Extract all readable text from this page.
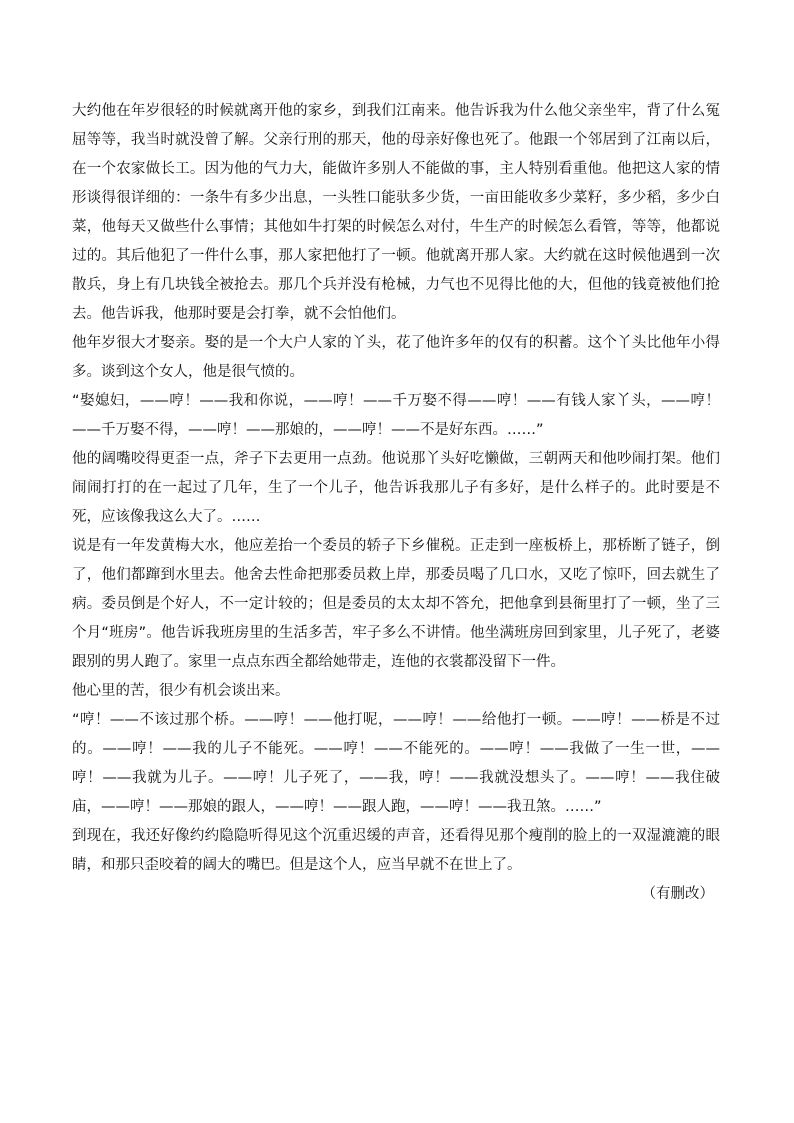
大约他在年岁很轻的时候就离开他的家乡，到我们江南来。他告诉我为什么他父亲坐牢，背了什么冤屈等等，我当时就没曾了解。父亲行刑的那天，他的母亲好像也死了。他跟一个邻居到了江南以后，在一个农家做长工。因为他的气力大，能做许多别人不能做的事，主人特别看重他。他把这人家的情形谈得很详细的：一条牛有多少出息，一头牲口能驮多少货，一亩田能收多少菜籽，多少稻，多少白菜，他每天又做些什么事情；其他如牛打架的时候怎么对付，牛生产的时候怎么看管，等等，他都说过的。其后他犯了一件什么事，那人家把他打了一顿。他就离开那人家。大约就在这时候他遇到一次散兵，身上有几块钱全被抢去。那几个兵并没有枪械，力气也不见得比他的大，但他的钱竟被他们抢去。他告诉我，他那时要是会打拳，就不会怕他们。

他年岁很大才娶亲。娶的是一个大户人家的丫头，花了他许多年的仅有的积蓄。这个丫头比他年小得多。谈到这个女人，他是很气愤的。

“娶媳妇，——哼！——我和你说，——哼！——千万娶不得——哼！——有钱人家丫头，——哼！——千万娶不得，——哼！——那娘的，——哼！——不是好东西。……”

他的阔嘴咬得更歪一点，斧子下去更用一点劲。他说那丫头好吃懒做，三朝两天和他吵闹打架。他们闹闹打打的在一起过了几年，生了一个儿子，他告诉我那儿子有多好，是什么样子的。此时要是不死，应该像我这么大了。……

说是有一年发黄梅大水，他应差抬一个委员的轿子下乡催税。正走到一座板桥上，那桥断了链子，倒了，他们都蹿到水里去。他舍去性命把那委员救上岸，那委员喝了几口水，又吃了惊吓，回去就生了病。委员倒是个好人，不一定计较的；但是委员的太太却不答允，把他拿到县衙里打了一顿，坐了三个月“班房”。他告诉我班房里的生活多苦，牢子多么不讲情。他坐满班房回到家里，儿子死了，老婆跟别的男人跑了。家里一点点东西全都给她带走，连他的衣裳都没留下一件。

他心里的苦，很少有机会谈出来。

“哼！——不该过那个桥。——哼！——他打呢，——哼！——给他打一顿。——哼！——桥是不过的。——哼！——我的儿子不能死。——哼！——不能死的。——哼！——我做了一生一世，——哼！——我就为儿子。——哼！儿子死了，——我，哼！——我就没想头了。——哼！——我住破庙，——哼！——那娘的跟人，——哼！——跟人跑，——哼！——我丑煞。……”

到现在，我还好像约约隐隐听得见这个沉重迟缓的声音，还看得见那个瘦削的脸上的一双湿漉漉的眼睛，和那只歪咬着的阔大的嘴巴。但是这个人，应当早就不在世上了。

（有删改）
